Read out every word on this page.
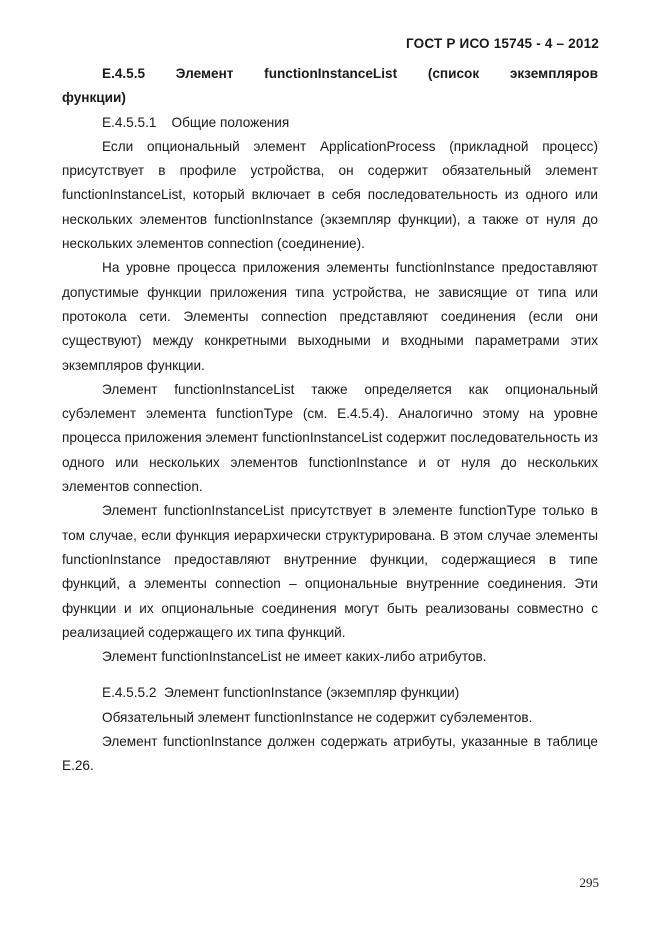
ГОСТ Р ИСО 15745 - 4 – 2012
E.4.5.5 Элемент functionInstanceList (список экземпляров
функции)

E.4.5.5.1    Общие положения

Если опциональный элемент ApplicationProcess (прикладной процесс) присутствует в профиле устройства, он содержит обязательный элемент functionInstanceList, который включает в себя последовательность из одного или нескольких элементов functionInstance (экземпляр функции), а также от нуля до нескольких элементов connection (соединение).

На уровне процесса приложения элементы functionInstance предоставляют допустимые функции приложения типа устройства, не зависящие от типа или протокола сети. Элементы connection представляют соединения (если они существуют) между конкретными выходными и входными параметрами этих экземпляров функции.

Элемент functionInstanceList также определяется как опциональный субэлемент элемента functionType (см. E.4.5.4). Аналогично этому на уровне процесса приложения элемент functionInstanceList содержит последовательность из одного или нескольких элементов functionInstance и от нуля до нескольких элементов connection.

Элемент functionInstanceList присутствует в элементе functionType только в том случае, если функция иерархически структурирована. В этом случае элементы functionInstance предоставляют внутренние функции, содержащиеся в типе функций, а элементы connection – опциональные внутренние соединения. Эти функции и их опциональные соединения могут быть реализованы совместно с реализацией содержащего их типа функций.

Элемент functionInstanceList не имеет каких-либо атрибутов.

E.4.5.5.2  Элемент functionInstance (экземпляр функции)

Обязательный элемент functionInstance не содержит субэлементов.

Элемент functionInstance должен содержать атрибуты, указанные в таблице E.26.

295
